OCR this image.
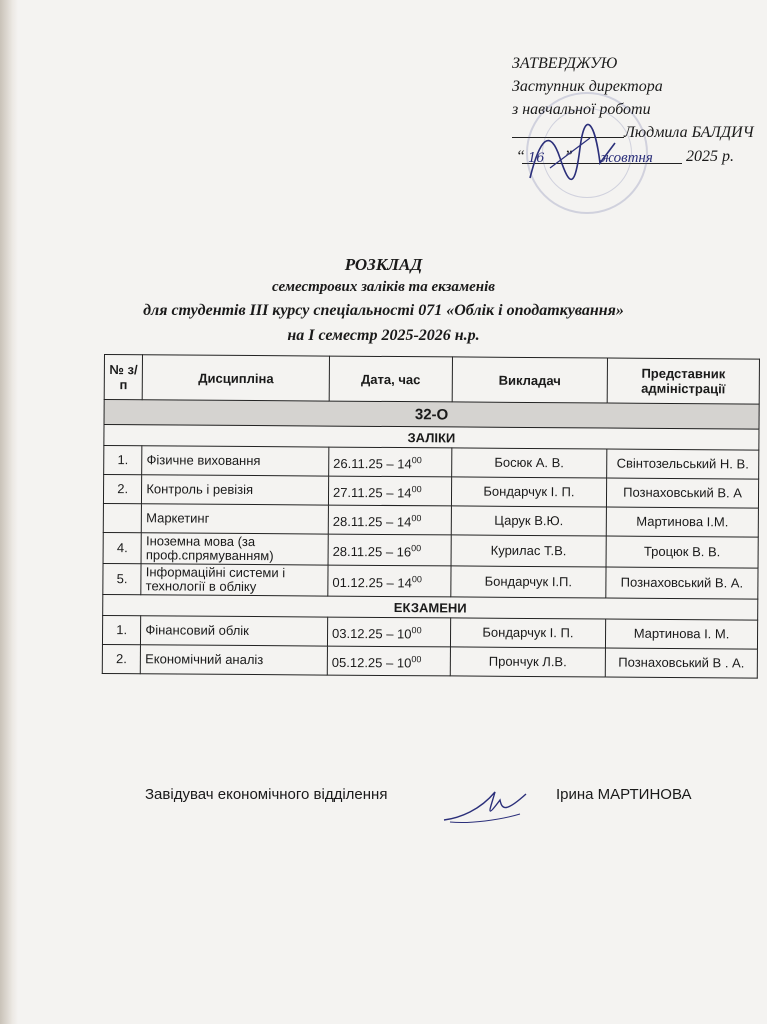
ЗАТВЕРДЖУЮ
Заступник директора
з навчальної роботи
Людмила БАЛДИЧ
“ 16 ” жовтня 2025 р.
РОЗКЛАД
семестрових заліків та екзаменів
для студентів ІІІ курсу спеціальності 071 «Облік і оподаткування»
на І семестр 2025-2026 н.р.
№ з/п	Дисципліна	Дата, час	Викладач	Представник адміністрації
32-О				
ЗАЛІКИ				
1.	Фізичне виховання	$26.11.25 - 14^{00}$	Босюк А. В.	Свінтозельський Н. В.
2.	Контроль і ревізія	$27.11.25 - 14^{00}$	Бондарчук І. П.	Познаховський В. А
	Маркетинг	$28.11.25 - 14^{00}$	Царук В.Ю.	Мартинова І.М.
4.	Іноземна мова (за проф.спрямуванням)	$28.11.25 - 16^{00}$	Курилас Т.В.	Троцюк В. В.
5.	Інформаційні системи і технології в обліку	$01.12.25 - 14^{00}$	Бондарчук І.П.	Познаховський В. А.
ЕКЗАМЕНИ				
1.	Фінансовий облік	$03.12.25 - 10^{00}$	Бондарчук І. П.	Мартинова І. М.
2.	Економічний аналіз	$05.12.25 - 10^{00}$	Прончук Л.В.	Познаховський В . А.
Завідувач економічного відділення	Ірина МАРТИНОВА
